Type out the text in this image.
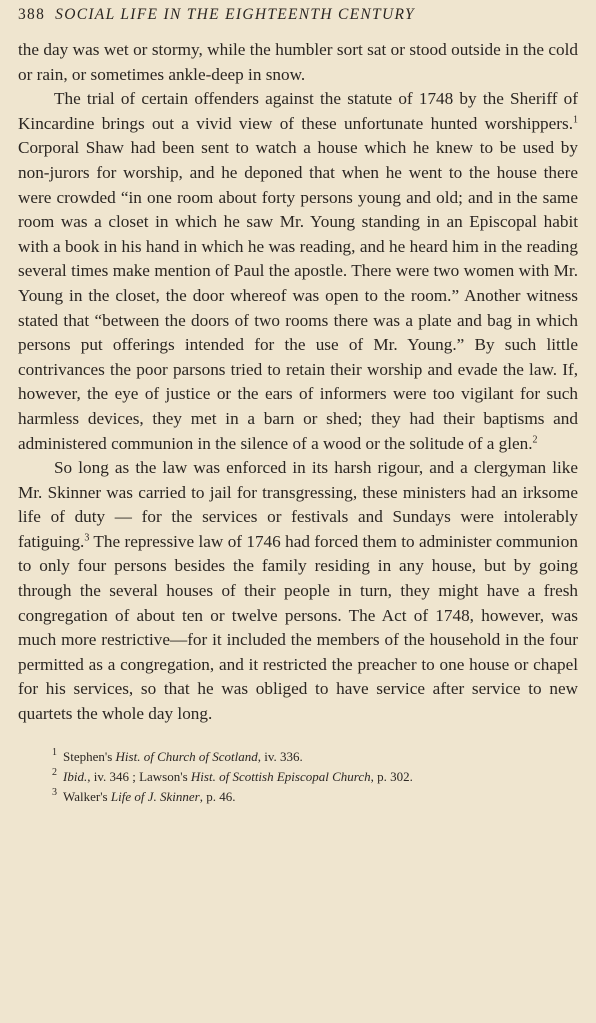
388 SOCIAL LIFE IN THE EIGHTEENTH CENTURY

the day was wet or stormy, while the humbler sort sat or stood outside in the cold or rain, or sometimes ankle-deep in snow.

The trial of certain offenders against the statute of 1748 by the Sheriff of Kincardine brings out a vivid view of these unfortunate hunted worshippers.$^1$ Corporal Shaw had been sent to watch a house which he knew to be used by non-jurors for worship, and he deponed that when he went to the house there were crowded “in one room about forty persons young and old; and in the same room was a closet in which he saw Mr. Young standing in an Episcopal habit with a book in his hand in which he was reading, and he heard him in the reading several times make mention of Paul the apostle. There were two women with Mr. Young in the closet, the door whereof was open to the room.” Another witness stated that “between the doors of two rooms there was a plate and bag in which persons put offerings intended for the use of Mr. Young.” By such little contrivances the poor parsons tried to retain their worship and evade the law. If, however, the eye of justice or the ears of informers were too vigilant for such harmless devices, they met in a barn or shed; they had their baptisms and administered communion in the silence of a wood or the solitude of a glen.$^2$

So long as the law was enforced in its harsh rigour, and a clergyman like Mr. Skinner was carried to jail for transgressing, these ministers had an irksome life of duty — for the services or festivals and Sundays were intolerably fatiguing.$^3$ The repressive law of 1746 had forced them to administer communion to only four persons besides the family residing in any house, but by going through the several houses of their people in turn, they might have a fresh congregation of about ten or twelve persons. The Act of 1748, however, was much more restrictive—for it included the members of the household in the four permitted as a congregation, and it restricted the preacher to one house or chapel for his services, so that he was obliged to have service after service to new quartets the whole day long.

$^1$ Stephen's Hist. of Church of Scotland, iv. 336.
$^2$ Ibid., iv. 346 ; Lawson's Hist. of Scottish Episcopal Church, p. 302.
$^3$ Walker's Life of J. Skinner, p. 46.
